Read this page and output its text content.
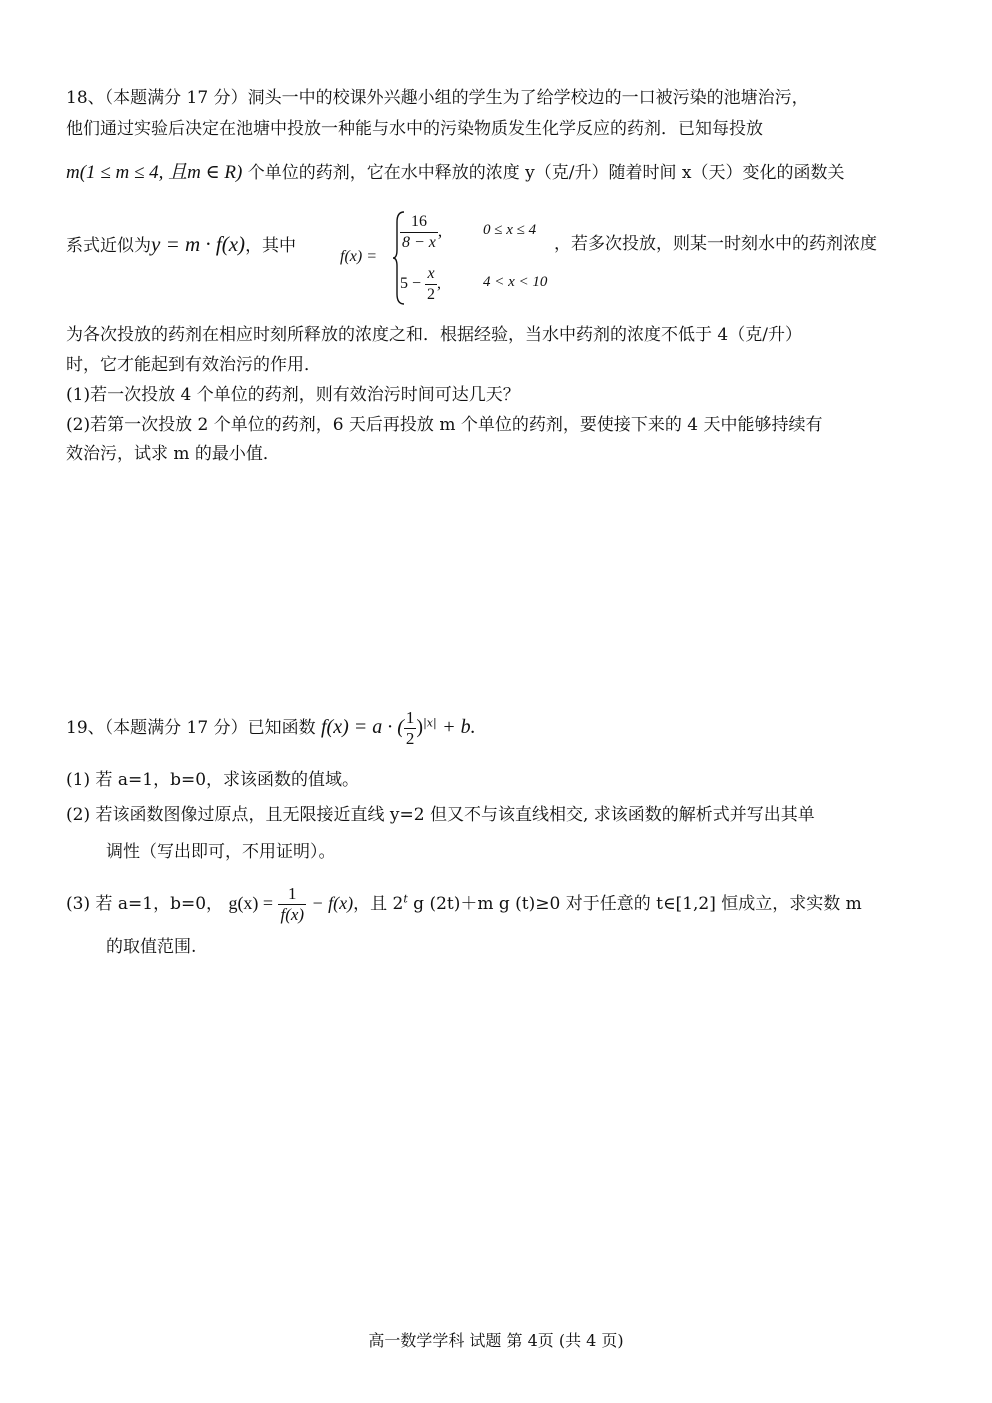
18、（本题满分 17 分）洞头一中的校课外兴趣小组的学生为了给学校边的一口被污染的池塘治污，
他们通过实验后决定在池塘中投放一种能与水中的污染物质发生化学反应的药剂．已知每投放
m(1 ≤ m ≤ 4, 且m ∈ R) 个单位的药剂，它在水中释放的浓度 y（克/升）随着时间 x（天）变化的函数关
系式近似为y = m · f(x)，其中
f(x) =
$\frac{16}{8 - x}$ ,	0 ≤ x ≤ 4
$5 - \frac{x}{2}$ ,	4 < x < 10
，若多次投放，则某一时刻水中的药剂浓度
为各次投放的药剂在相应时刻所释放的浓度之和．根据经验，当水中药剂的浓度不低于 4（克/升）
时，它才能起到有效治污的作用．
(1)若一次投放 4 个单位的药剂，则有效治污时间可达几天？
(2)若第一次投放 2 个单位的药剂，6 天后再投放 m 个单位的药剂，要使接下来的 4 天中能够持续有
效治污，试求 m 的最小值．
19、（本题满分 17 分）已知函数 f(x) = a · ( $\frac{1}{2} )^{|x|} + b$.
(1) 若 a=1，b=0，求该函数的值域。
(2) 若该函数图像过原点，且无限接近直线 y=2 但又不与该直线相交, 求该函数的解析式并写出其单
调性（写出即可，不用证明）。
(3) 若 a=1，b=0， $g(x) = \frac{1}{f(x)} - f(x)$，且 2$^t$ g (2t)＋m g (t)≥0 对于任意的 t∈[1,2] 恒成立，求实数 m
的取值范围.
高一数学学科 试题 第 4页 (共 4 页)
